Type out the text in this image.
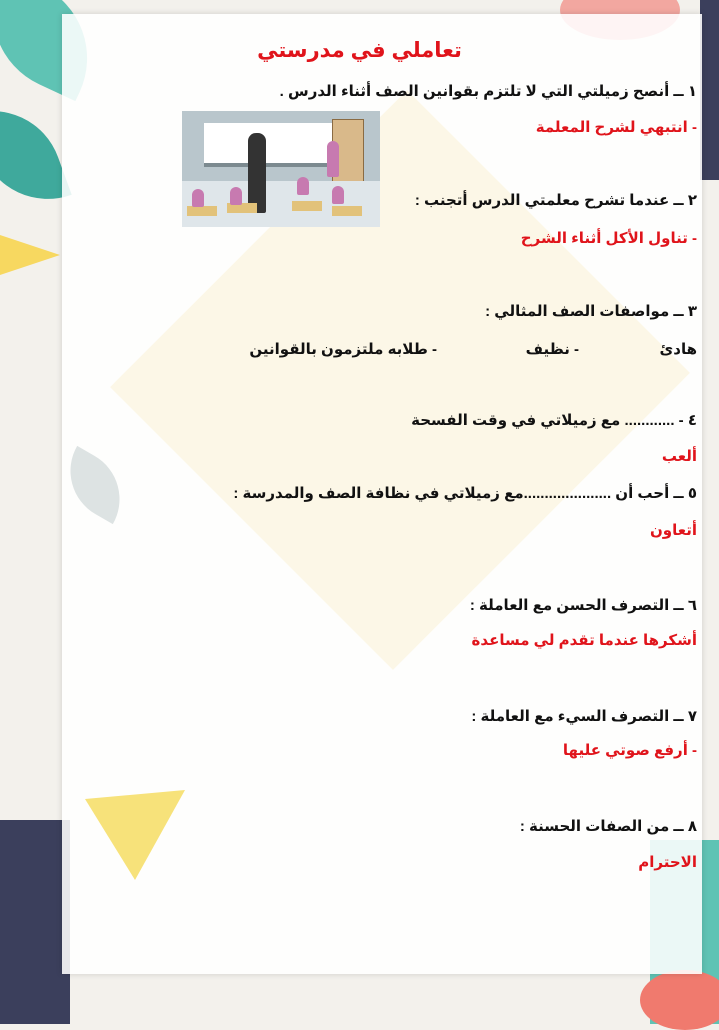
تعاملي في مدرستي
١ ــ أنصح زميلتي التي لا تلتزم بقوانين الصف أثناء الدرس .
- انتبهي لشرح المعلمة
٢ ــ عندما تشرح معلمتي الدرس أتجنب :
- تناول الأكل أثناء الشرح
٣ ــ مواصفات الصف المثالي :
هادئ
- نظيف
- طلابه ملتزمون بالقوانين
٤ - ............ مع زميلاتي في وقت الفسحة
ألعب
٥ ــ أحب أن .....................مع زميلاتي في نظافة الصف والمدرسة :
أتعاون
٦ ــ التصرف الحسن مع العاملة :
أشكرها عندما تقدم لي مساعدة
٧ ــ التصرف السيء مع العاملة :
- أرفع صوتي عليها
٨ ــ من الصفات الحسنة :
الاحترام
